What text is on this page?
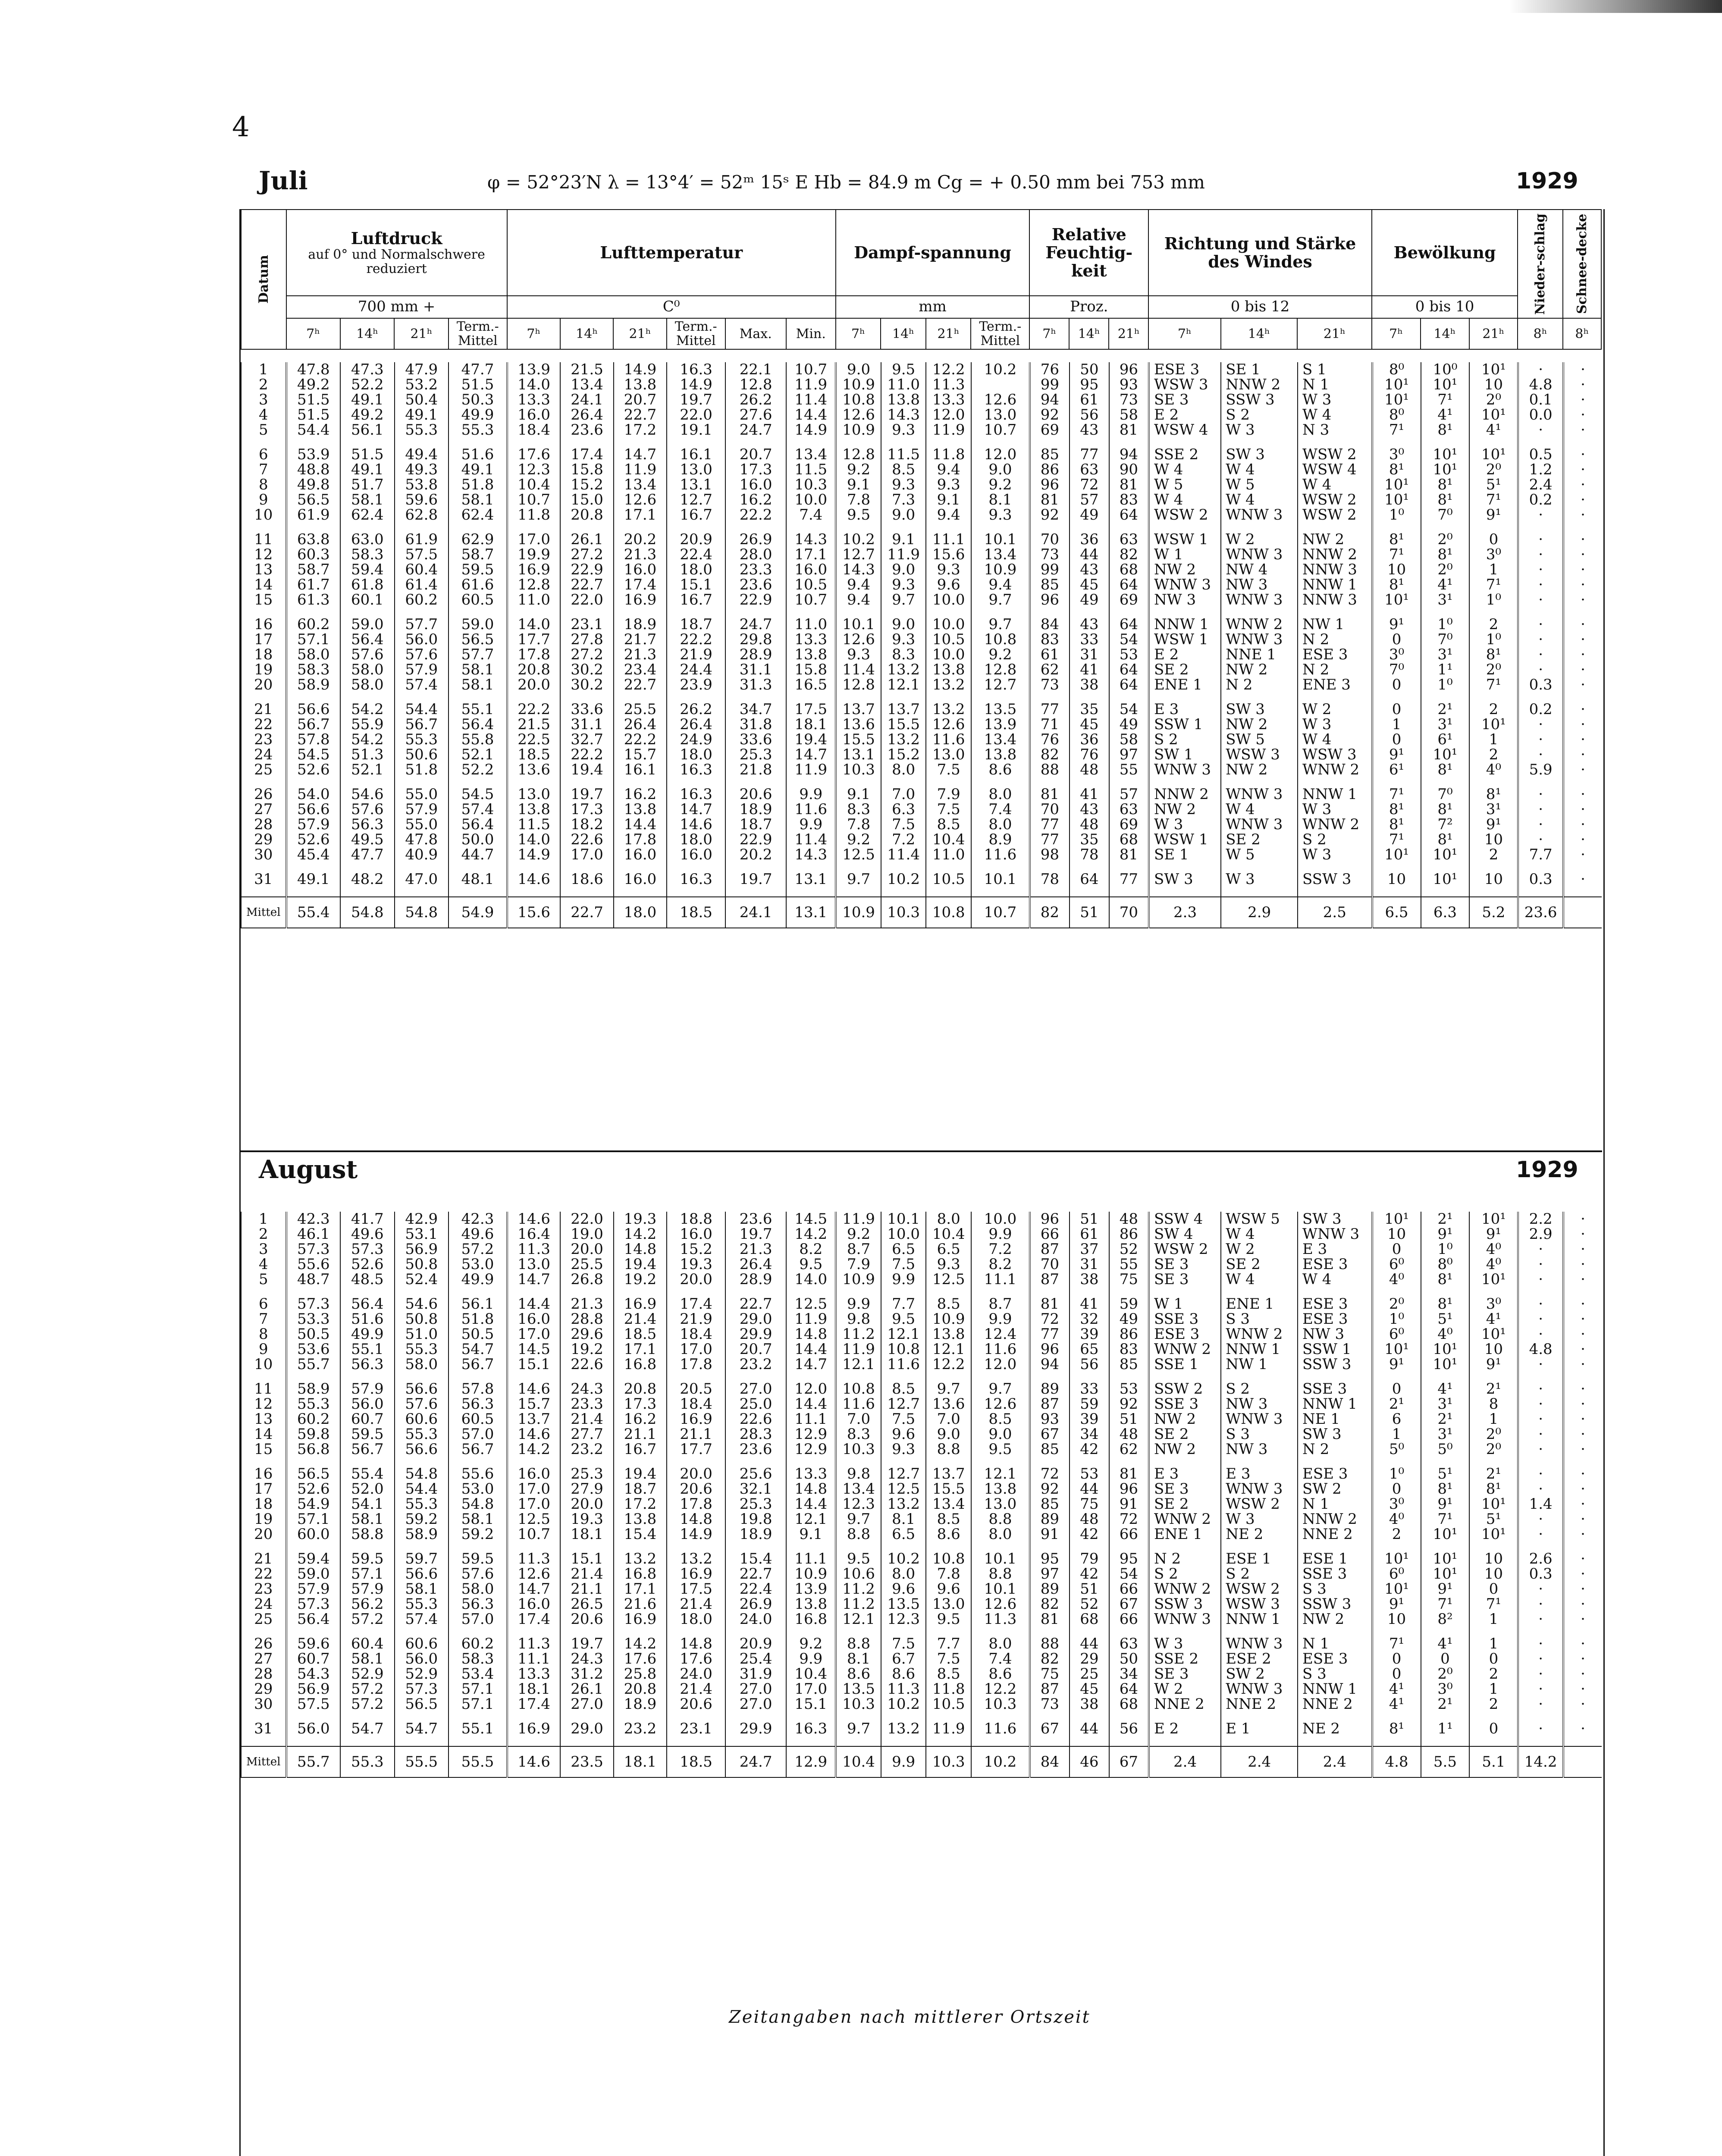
4
Juli	φ = 52°23′N λ = 13°4′ = 52ᵐ 15ˢ E Hb = 84.9 m Cg = + 0.50 mm bei 753 mm	1929
Datum	Luftdruck
auf 0° und Normalschwere reduziert				Lufttemperatur						Dampf-spannung				Relative Feuchtig-keit			Richtung und Stärke des Windes			Bewölkung			Nieder-schlag	Schnee-decke
	700 mm +				C⁰						mm				Proz.			0 bis 12			0 bis 10				
	7ʰ	14ʰ	21ʰ	Term.-Mittel	7ʰ	14ʰ	21ʰ	Term.-Mittel	Max.	Min.	7ʰ	14ʰ	21ʰ	Term.-Mittel	7ʰ	14ʰ	21ʰ	7ʰ	14ʰ	21ʰ	7ʰ	14ʰ	21ʰ	8ʰ	8ʰ
1	47.8	47.3	47.9	47.7	13.9	21.5	14.9	16.3	22.1	10.7	9.0	9.5	12.2	10.2	76	50	96	ESE 3	SE 1	S 1	8⁰	10⁰	10¹	·	·
2	49.2	52.2	53.2	51.5	14.0	13.4	13.8	14.9	12.8	11.9	10.9	11.0	11.3		99	95	93	WSW 3	NNW 2	N 1	10¹	10¹	10	4.8	·
3	51.5	49.1	50.4	50.3	13.3	24.1	20.7	19.7	26.2	11.4	10.8	13.8	13.3	12.6	94	61	73	SE 3	SSW 3	W 3	10¹	7¹	2⁰	0.1	·
4	51.5	49.2	49.1	49.9	16.0	26.4	22.7	22.0	27.6	14.4	12.6	14.3	12.0	13.0	92	56	58	E 2	S 2	W 4	8⁰	4¹	10¹	0.0	·
5	54.4	56.1	55.3	55.3	18.4	23.6	17.2	19.1	24.7	14.9	10.9	9.3	11.9	10.7	69	43	81	WSW 4	W 3	N 3	7¹	8¹	4¹	·	·

6	53.9	51.5	49.4	51.6	17.6	17.4	14.7	16.1	20.7	13.4	12.8	11.5	11.8	12.0	85	77	94	SSE 2	SW 3	WSW 2	3⁰	10¹	10¹	0.5	·
7	48.8	49.1	49.3	49.1	12.3	15.8	11.9	13.0	17.3	11.5	9.2	8.5	9.4	9.0	86	63	90	W 4	W 4	WSW 4	8¹	10¹	2⁰	1.2	·
8	49.8	51.7	53.8	51.8	10.4	15.2	13.4	13.1	16.0	10.3	9.1	9.3	9.3	9.2	96	72	81	W 5	W 5	W 4	10¹	8¹	5¹	2.4	·
9	56.5	58.1	59.6	58.1	10.7	15.0	12.6	12.7	16.2	10.0	7.8	7.3	9.1	8.1	81	57	83	W 4	W 4	WSW 2	10¹	8¹	7¹	0.2	·
10	61.9	62.4	62.8	62.4	11.8	20.8	17.1	16.7	22.2	7.4	9.5	9.0	9.4	9.3	92	49	64	WSW 2	WNW 3	WSW 2	1⁰	7⁰	9¹	·	·

11	63.8	63.0	61.9	62.9	17.0	26.1	20.2	20.9	26.9	14.3	10.2	9.1	11.1	10.1	70	36	63	WSW 1	W 2	NW 2	8¹	2⁰	0	·	·
12	60.3	58.3	57.5	58.7	19.9	27.2	21.3	22.4	28.0	17.1	12.7	11.9	15.6	13.4	73	44	82	W 1	WNW 3	NNW 2	7¹	8¹	3⁰	·	·
13	58.7	59.4	60.4	59.5	16.9	22.9	16.0	18.0	23.3	16.0	14.3	9.0	9.3	10.9	99	43	68	NW 2	NW 4	NNW 3	10	2⁰	1	·	·
14	61.7	61.8	61.4	61.6	12.8	22.7	17.4	15.1	23.6	10.5	9.4	9.3	9.6	9.4	85	45	64	WNW 3	NW 3	NNW 1	8¹	4¹	7¹	·	·
15	61.3	60.1	60.2	60.5	11.0	22.0	16.9	16.7	22.9	10.7	9.4	9.7	10.0	9.7	96	49	69	NW 3	WNW 3	NNW 3	10¹	3¹	1⁰	·	·

16	60.2	59.0	57.7	59.0	14.0	23.1	18.9	18.7	24.7	11.0	10.1	9.0	10.0	9.7	84	43	64	NNW 1	WNW 2	NW 1	9¹	1⁰	2	·	·
17	57.1	56.4	56.0	56.5	17.7	27.8	21.7	22.2	29.8	13.3	12.6	9.3	10.5	10.8	83	33	54	WSW 1	WNW 3	N 2	0	7⁰	1⁰	·	·
18	58.0	57.6	57.6	57.7	17.8	27.2	21.3	21.9	28.9	13.8	9.3	8.3	10.0	9.2	61	31	53	E 2	NNE 1	ESE 3	3⁰	3¹	8¹	·	·
19	58.3	58.0	57.9	58.1	20.8	30.2	23.4	24.4	31.1	15.8	11.4	13.2	13.8	12.8	62	41	64	SE 2	NW 2	N 2	7⁰	1¹	2⁰	·	·
20	58.9	58.0	57.4	58.1	20.0	30.2	22.7	23.9	31.3	16.5	12.8	12.1	13.2	12.7	73	38	64	ENE 1	N 2	ENE 3	0	1⁰	7¹	0.3	·

21	56.6	54.2	54.4	55.1	22.2	33.6	25.5	26.2	34.7	17.5	13.7	13.7	13.2	13.5	77	35	54	E 3	SW 3	W 2	0	2¹	2	0.2	·
22	56.7	55.9	56.7	56.4	21.5	31.1	26.4	26.4	31.8	18.1	13.6	15.5	12.6	13.9	71	45	49	SSW 1	NW 2	W 3	1	3¹	10¹	·	·
23	57.8	54.2	55.3	55.8	22.5	32.7	22.2	24.9	33.6	19.4	15.5	13.2	11.6	13.4	76	36	58	S 2	SW 5	W 4	0	6¹	1	·	·
24	54.5	51.3	50.6	52.1	18.5	22.2	15.7	18.0	25.3	14.7	13.1	15.2	13.0	13.8	82	76	97	SW 1	WSW 3	WSW 3	9¹	10¹	2	·	·
25	52.6	52.1	51.8	52.2	13.6	19.4	16.1	16.3	21.8	11.9	10.3	8.0	7.5	8.6	88	48	55	WNW 3	NW 2	WNW 2	6¹	8¹	4⁰	5.9	·

26	54.0	54.6	55.0	54.5	13.0	19.7	16.2	16.3	20.6	9.9	9.1	7.0	7.9	8.0	81	41	57	NNW 2	WNW 3	NNW 1	7¹	7⁰	8¹	·	·
27	56.6	57.6	57.9	57.4	13.8	17.3	13.8	14.7	18.9	11.6	8.3	6.3	7.5	7.4	70	43	63	NW 2	W 4	W 3	8¹	8¹	3¹	·	·
28	57.9	56.3	55.0	56.4	11.5	18.2	14.4	14.6	18.7	9.9	7.8	7.5	8.5	8.0	77	48	69	W 3	WNW 3	WNW 2	8¹	7²	9¹	·	·
29	52.6	49.5	47.8	50.0	14.0	22.6	17.8	18.0	22.9	11.4	9.2	7.2	10.4	8.9	77	35	68	WSW 1	SE 2	S 2	7¹	8¹	10	·	·
30	45.4	47.7	40.9	44.7	14.9	17.0	16.0	16.0	20.2	14.3	12.5	11.4	11.0	11.6	98	78	81	SE 1	W 5	W 3	10¹	10¹	2	7.7	·

31	49.1	48.2	47.0	48.1	14.6	18.6	16.0	16.3	19.7	13.1	9.7	10.2	10.5	10.1	78	64	77	SW 3	W 3	SSW 3	10	10¹	10	0.3	·

Mittel	55.4	54.8	54.8	54.9	15.6	22.7	18.0	18.5	24.1	13.1	10.9	10.3	10.8	10.7	82	51	70	2.3	2.9	2.5	6.5	6.3	5.2	23.6	
August	1929
1	42.3	41.7	42.9	42.3	14.6	22.0	19.3	18.8	23.6	14.5	11.9	10.1	8.0	10.0	96	51	48	SSW 4	WSW 5	SW 3	10¹	2¹	10¹	2.2	·
2	46.1	49.6	53.1	49.6	16.4	19.0	14.2	16.0	19.7	14.2	9.2	10.0	10.4	9.9	66	61	86	SW 4	W 4	WNW 3	10	9¹	9¹	2.9	·
3	57.3	57.3	56.9	57.2	11.3	20.0	14.8	15.2	21.3	8.2	8.7	6.5	6.5	7.2	87	37	52	WSW 2	W 2	E 3	0	1⁰	4⁰	·	·
4	55.6	52.6	50.8	53.0	13.0	25.5	19.4	19.3	26.4	9.5	7.9	7.5	9.3	8.2	70	31	55	SE 3	SE 2	ESE 3	6⁰	8⁰	4⁰	·	·
5	48.7	48.5	52.4	49.9	14.7	26.8	19.2	20.0	28.9	14.0	10.9	9.9	12.5	11.1	87	38	75	SE 3	W 4	W 4	4⁰	8¹	10¹	·	·

6	57.3	56.4	54.6	56.1	14.4	21.3	16.9	17.4	22.7	12.5	9.9	7.7	8.5	8.7	81	41	59	W 1	ENE 1	ESE 3	2⁰	8¹	3⁰	·	·
7	53.3	51.6	50.8	51.8	16.0	28.8	21.4	21.9	29.0	11.9	9.8	9.5	10.9	9.9	72	32	49	SSE 3	S 3	ESE 3	1⁰	5¹	4¹	·	·
8	50.5	49.9	51.0	50.5	17.0	29.6	18.5	18.4	29.9	14.8	11.2	12.1	13.8	12.4	77	39	86	ESE 3	WNW 2	NW 3	6⁰	4⁰	10¹	·	·
9	53.6	55.1	55.3	54.7	14.5	19.2	17.1	17.0	20.7	14.4	11.9	10.8	12.1	11.6	96	65	83	WNW 2	NNW 1	SSW 1	10¹	10¹	10	4.8	·
10	55.7	56.3	58.0	56.7	15.1	22.6	16.8	17.8	23.2	14.7	12.1	11.6	12.2	12.0	94	56	85	SSE 1	NW 1	SSW 3	9¹	10¹	9¹	·	·

11	58.9	57.9	56.6	57.8	14.6	24.3	20.8	20.5	27.0	12.0	10.8	8.5	9.7	9.7	89	33	53	SSW 2	S 2	SSE 3	0	4¹	2¹	·	·
12	55.3	56.0	57.6	56.3	15.7	23.3	17.3	18.4	25.0	14.4	11.6	12.7	13.6	12.6	87	59	92	SSE 3	NW 3	NNW 1	2¹	3¹	8	·	·
13	60.2	60.7	60.6	60.5	13.7	21.4	16.2	16.9	22.6	11.1	7.0	7.5	7.0	8.5	93	39	51	NW 2	WNW 3	NE 1	6	2¹	1	·	·
14	59.8	59.5	55.3	57.0	14.6	27.7	21.1	21.1	28.3	12.9	8.3	9.6	9.0	9.0	67	34	48	SE 2	S 3	SW 3	1	3¹	2⁰	·	·
15	56.8	56.7	56.6	56.7	14.2	23.2	16.7	17.7	23.6	12.9	10.3	9.3	8.8	9.5	85	42	62	NW 2	NW 3	N 2	5⁰	5⁰	2⁰	·	·

16	56.5	55.4	54.8	55.6	16.0	25.3	19.4	20.0	25.6	13.3	9.8	12.7	13.7	12.1	72	53	81	E 3	E 3	ESE 3	1⁰	5¹	2¹	·	·
17	52.6	52.0	54.4	53.0	17.0	27.9	18.7	20.6	32.1	14.8	13.4	12.5	15.5	13.8	92	44	96	SE 3	WNW 3	SW 2	0	8¹	8¹	·	·
18	54.9	54.1	55.3	54.8	17.0	20.0	17.2	17.8	25.3	14.4	12.3	13.2	13.4	13.0	85	75	91	SE 2	WSW 2	N 1	3⁰	9¹	10¹	1.4	·
19	57.1	58.1	59.2	58.1	12.5	19.3	13.8	14.8	19.8	12.1	9.7	8.1	8.5	8.8	89	48	72	WNW 2	W 3	NNW 2	4⁰	7¹	5¹	·	·
20	60.0	58.8	58.9	59.2	10.7	18.1	15.4	14.9	18.9	9.1	8.8	6.5	8.6	8.0	91	42	66	ENE 1	NE 2	NNE 2	2	10¹	10¹	·	·

21	59.4	59.5	59.7	59.5	11.3	15.1	13.2	13.2	15.4	11.1	9.5	10.2	10.8	10.1	95	79	95	N 2	ESE 1	ESE 1	10¹	10¹	10	2.6	·
22	59.0	57.1	56.6	57.6	12.6	21.4	16.8	16.9	22.7	10.9	10.6	8.0	7.8	8.8	97	42	54	S 2	S 2	SSE 3	6⁰	10¹	10	0.3	·
23	57.9	57.9	58.1	58.0	14.7	21.1	17.1	17.5	22.4	13.9	11.2	9.6	9.6	10.1	89	51	66	WNW 2	WSW 2	S 3	10¹	9¹	0	·	·
24	57.3	56.2	55.3	56.3	16.0	26.5	21.6	21.4	26.9	13.8	11.2	13.5	13.0	12.6	82	52	67	SSW 3	WSW 3	SSW 3	9¹	7¹	7¹	·	·
25	56.4	57.2	57.4	57.0	17.4	20.6	16.9	18.0	24.0	16.8	12.1	12.3	9.5	11.3	81	68	66	WNW 3	NNW 1	NW 2	10	8²	1	·	·

26	59.6	60.4	60.6	60.2	11.3	19.7	14.2	14.8	20.9	9.2	8.8	7.5	7.7	8.0	88	44	63	W 3	WNW 3	N 1	7¹	4¹	1	·	·
27	60.7	58.1	56.0	58.3	11.1	24.3	17.6	17.6	25.4	9.9	8.1	6.7	7.5	7.4	82	29	50	SSE 2	ESE 2	ESE 3	0	0	0	·	·
28	54.3	52.9	52.9	53.4	13.3	31.2	25.8	24.0	31.9	10.4	8.6	8.6	8.5	8.6	75	25	34	SE 3	SW 2	S 3	0	2⁰	2	·	·
29	56.9	57.2	57.3	57.1	18.1	26.1	20.8	21.4	27.0	17.0	13.5	11.3	11.8	12.2	87	45	64	W 2	WNW 3	NNW 1	4¹	3⁰	1	·	·
30	57.5	57.2	56.5	57.1	17.4	27.0	18.9	20.6	27.0	15.1	10.3	10.2	10.5	10.3	73	38	68	NNE 2	NNE 2	NNE 2	4¹	2¹	2	·	·

31	56.0	54.7	54.7	55.1	16.9	29.0	23.2	23.1	29.9	16.3	9.7	13.2	11.9	11.6	67	44	56	E 2	E 1	NE 2	8¹	1¹	0	·	·

Mittel	55.7	55.3	55.5	55.5	14.6	23.5	18.1	18.5	24.7	12.9	10.4	9.9	10.3	10.2	84	46	67	2.4	2.4	2.4	4.8	5.5	5.1	14.2	
Zeitangaben nach mittlerer Ortszeit
